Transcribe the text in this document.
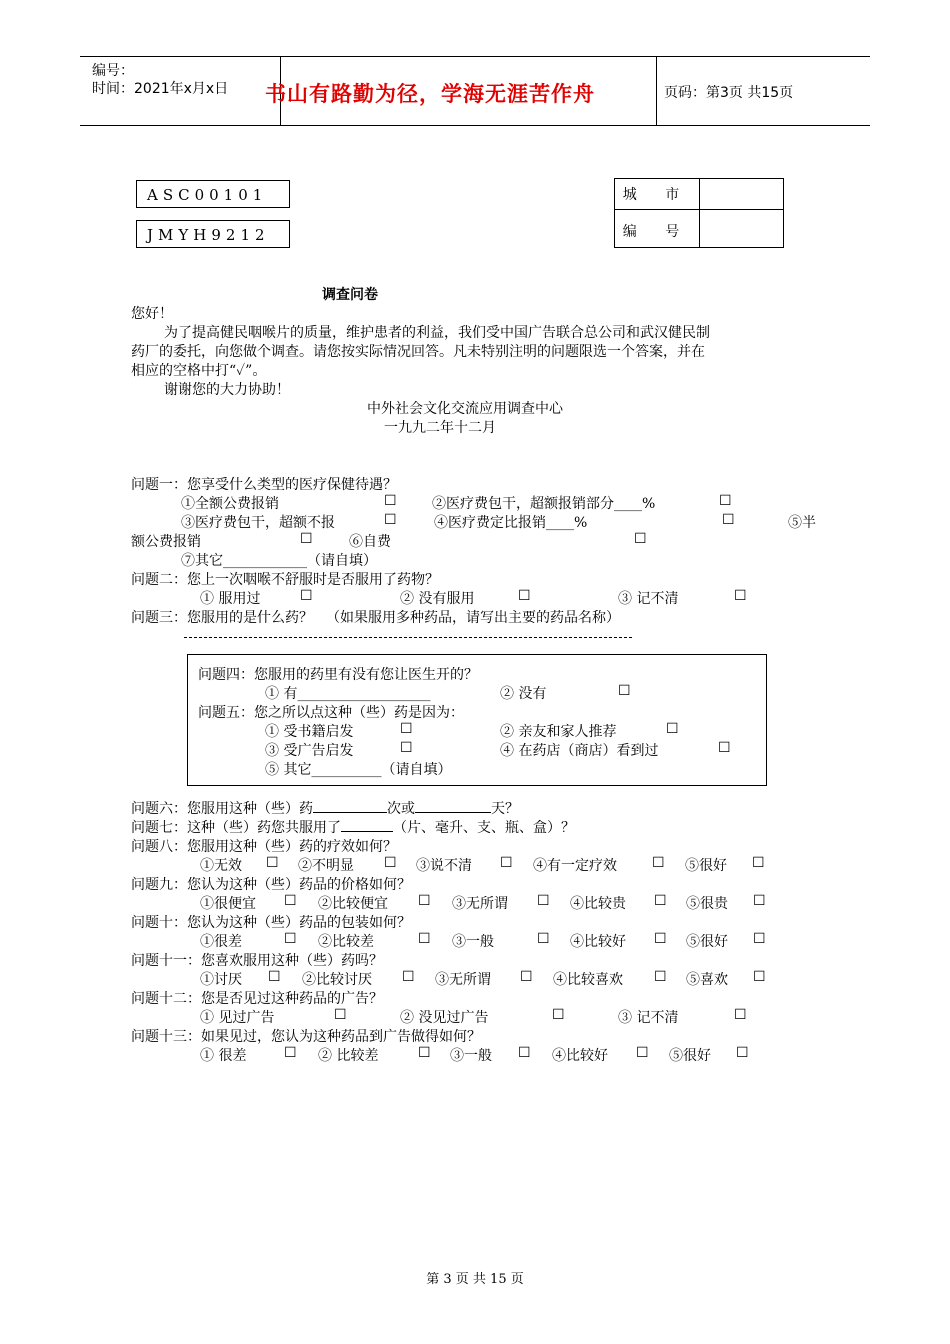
编号：
时间：2021年x月x日	书山有路勤为径，学海无涯苦作舟	页码：第3页 共15页
ASC00101
JMYH9212
城 市
编 号
调查问卷
您好！
为了提高健民咽喉片的质量，维护患者的利益，我们受中国广告联合总公司和武汉健民制
药厂的委托，向您做个调查。请您按实际情况回答。凡未特别注明的问题限选一个答案，并在
相应的空格中打“✓”。
谢谢您的大力协助！
中外社会文化交流应用调查中心
一九九二年十二月
问题一：您享受什么类型的医疗保健待遇？
①全额公费报销	☐	②医疗费包干，超额报销部分____%	☐
③医疗费包干，超额不报	☐	④医疗费定比报销____%	☐	⑤半
额公费报销	☐	⑥自费	☐
⑦其它____________（请自填）
问题二：您上一次咽喉不舒服时是否服用了药物？
① 服用过	☐	② 没有服用	☐	③ 记不清	☐
问题三：您服用的是什么药？ （如果服用多种药品，请写出主要的药品名称）
问题四：您服用的药里有没有您让医生开的？
① 有___________________	② 没有	☐
问题五：您之所以点这种（些）药是因为：
① 受书籍启发	☐	② 亲友和家人推荐	☐
③ 受广告启发	☐	④ 在药店（商店）看到过	☐
⑤ 其它__________（请自填）
问题六：您服用这种（些）药	次或	天？
问题七：这种（些）药您共服用了	（片、毫升、支、瓶、盒）？
问题八：您服用这种（些）药的疗效如何？
①无效 ☐ ②不明显 ☐ ③说不清 ☐ ④有一定疗效	☐ ⑤很好 ☐
问题九：您认为这种（些）药品的价格如何？
①很便宜 ☐ ②比较便宜 ☐ ③无所谓 ☐ ④比较贵 ☐ ⑤很贵 ☐
问题十：您认为这种（些）药品的包装如何？
①很差	☐ ②比较差	☐ ③一般	☐ ④比较好 ☐ ⑤很好 ☐
问题十一：您喜欢服用这种（些）药吗？
①讨厌 ☐ ②比较讨厌 ☐ ③无所谓 ☐ ④比较喜欢 ☐ ⑤喜欢 ☐
问题十二：您是否见过这种药品的广告？
① 见过广告	☐	② 没见过广告	☐	③ 记不清	☐
问题十三：如果见过，您认为这种药品到广告做得如何？
① 很差	☐ ② 比较差	☐ ③一般 ☐ ④比较好 ☐ ⑤很好 ☐
第 3 页 共 15 页
